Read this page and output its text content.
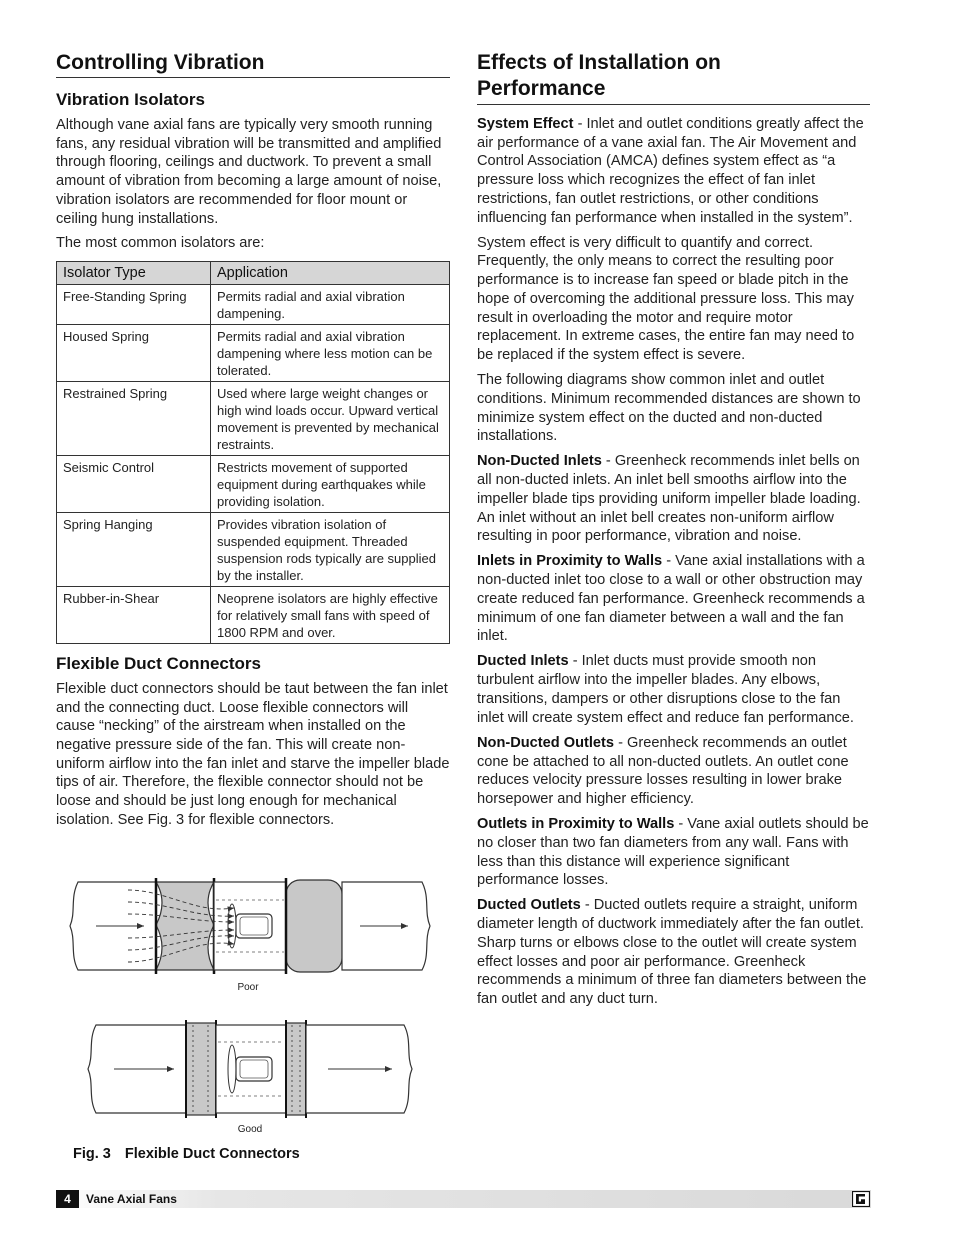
Controlling Vibration
Vibration Isolators

Although vane axial fans are typically very smooth running fans, any residual vibration will be transmitted and amplified through flooring, ceilings and ductwork. To prevent a small amount of vibration from becoming a large amount of noise, vibration isolators are recommended for floor mount or ceiling hung installations.

The most common isolators are:

Isolator Type	Application
Free-Standing Spring	Permits radial and axial vibration dampening.
Housed Spring	Permits radial and axial vibration dampening where less motion can be tolerated.
Restrained Spring	Used where large weight changes or high wind loads occur. Upward vertical movement is prevented by mechanical restraints.
Seismic Control	Restricts movement of supported equipment during earthquakes while providing isolation.
Spring Hanging	Provides vibration isolation of suspended equipment. Threaded suspension rods typically are supplied by the installer.
Rubber-in-Shear	Neoprene isolators are highly effective for relatively small fans with speed of 1800 RPM and over.
Flexible Duct Connectors

Flexible duct connectors should be taut between the fan inlet and the connecting duct. Loose flexible connectors will cause “necking” of the airstream when installed on the negative pressure side of the fan. This will create non-uniform airflow into the fan inlet and starve the impeller blade tips of air. Therefore, the flexible connector should not be loose and should be just long enough for mechanical isolation. See Fig. 3 for flexible connectors.

Poor
Good
Fig. 3 Flexible Duct Connectors
Effects of Installation on
Performance

System Effect - Inlet and outlet conditions greatly affect the air performance of a vane axial fan. The Air Movement and Control Association (AMCA) defines system effect as “a pressure loss which recognizes the effect of fan inlet restrictions, fan outlet restrictions, or other conditions influencing fan performance when installed in the system”.

System effect is very difficult to quantify and correct. Frequently, the only means to correct the resulting poor performance is to increase fan speed or blade pitch in the hope of overcoming the additional pressure loss. This may result in overloading the motor and require motor replacement. In extreme cases, the entire fan may need to be replaced if the system effect is severe.

The following diagrams show common inlet and outlet conditions. Minimum recommended distances are shown to minimize system effect on the ducted and non-ducted installations.

Non-Ducted Inlets - Greenheck recommends inlet bells on all non-ducted inlets. An inlet bell smooths airflow into the impeller blade tips providing uniform impeller blade loading. An inlet without an inlet bell creates non-uniform airflow resulting in poor performance, vibration and noise.

Inlets in Proximity to Walls - Vane axial installations with a non-ducted inlet too close to a wall or other obstruction may create reduced fan performance. Greenheck recommends a minimum of one fan diameter between a wall and the fan inlet.

Ducted Inlets - Inlet ducts must provide smooth non turbulent airflow into the impeller blades. Any elbows, transitions, dampers or other disruptions close to the fan inlet will create system effect and reduce fan performance.

Non-Ducted Outlets - Greenheck recommends an outlet cone be attached to all non-ducted outlets. An outlet cone reduces velocity pressure losses resulting in lower brake horsepower and higher efficiency.

Outlets in Proximity to Walls - Vane axial outlets should be no closer than two fan diameters from any wall. Fans with less than this distance will experience significant performance losses.

Ducted Outlets - Ducted outlets require a straight, uniform diameter length of ductwork immediately after the fan outlet. Sharp turns or elbows close to the outlet will create system effect losses and poor air performance. Greenheck recommends a minimum of three fan diameters between the fan outlet and any duct turn.

4	Vane Axial Fans
